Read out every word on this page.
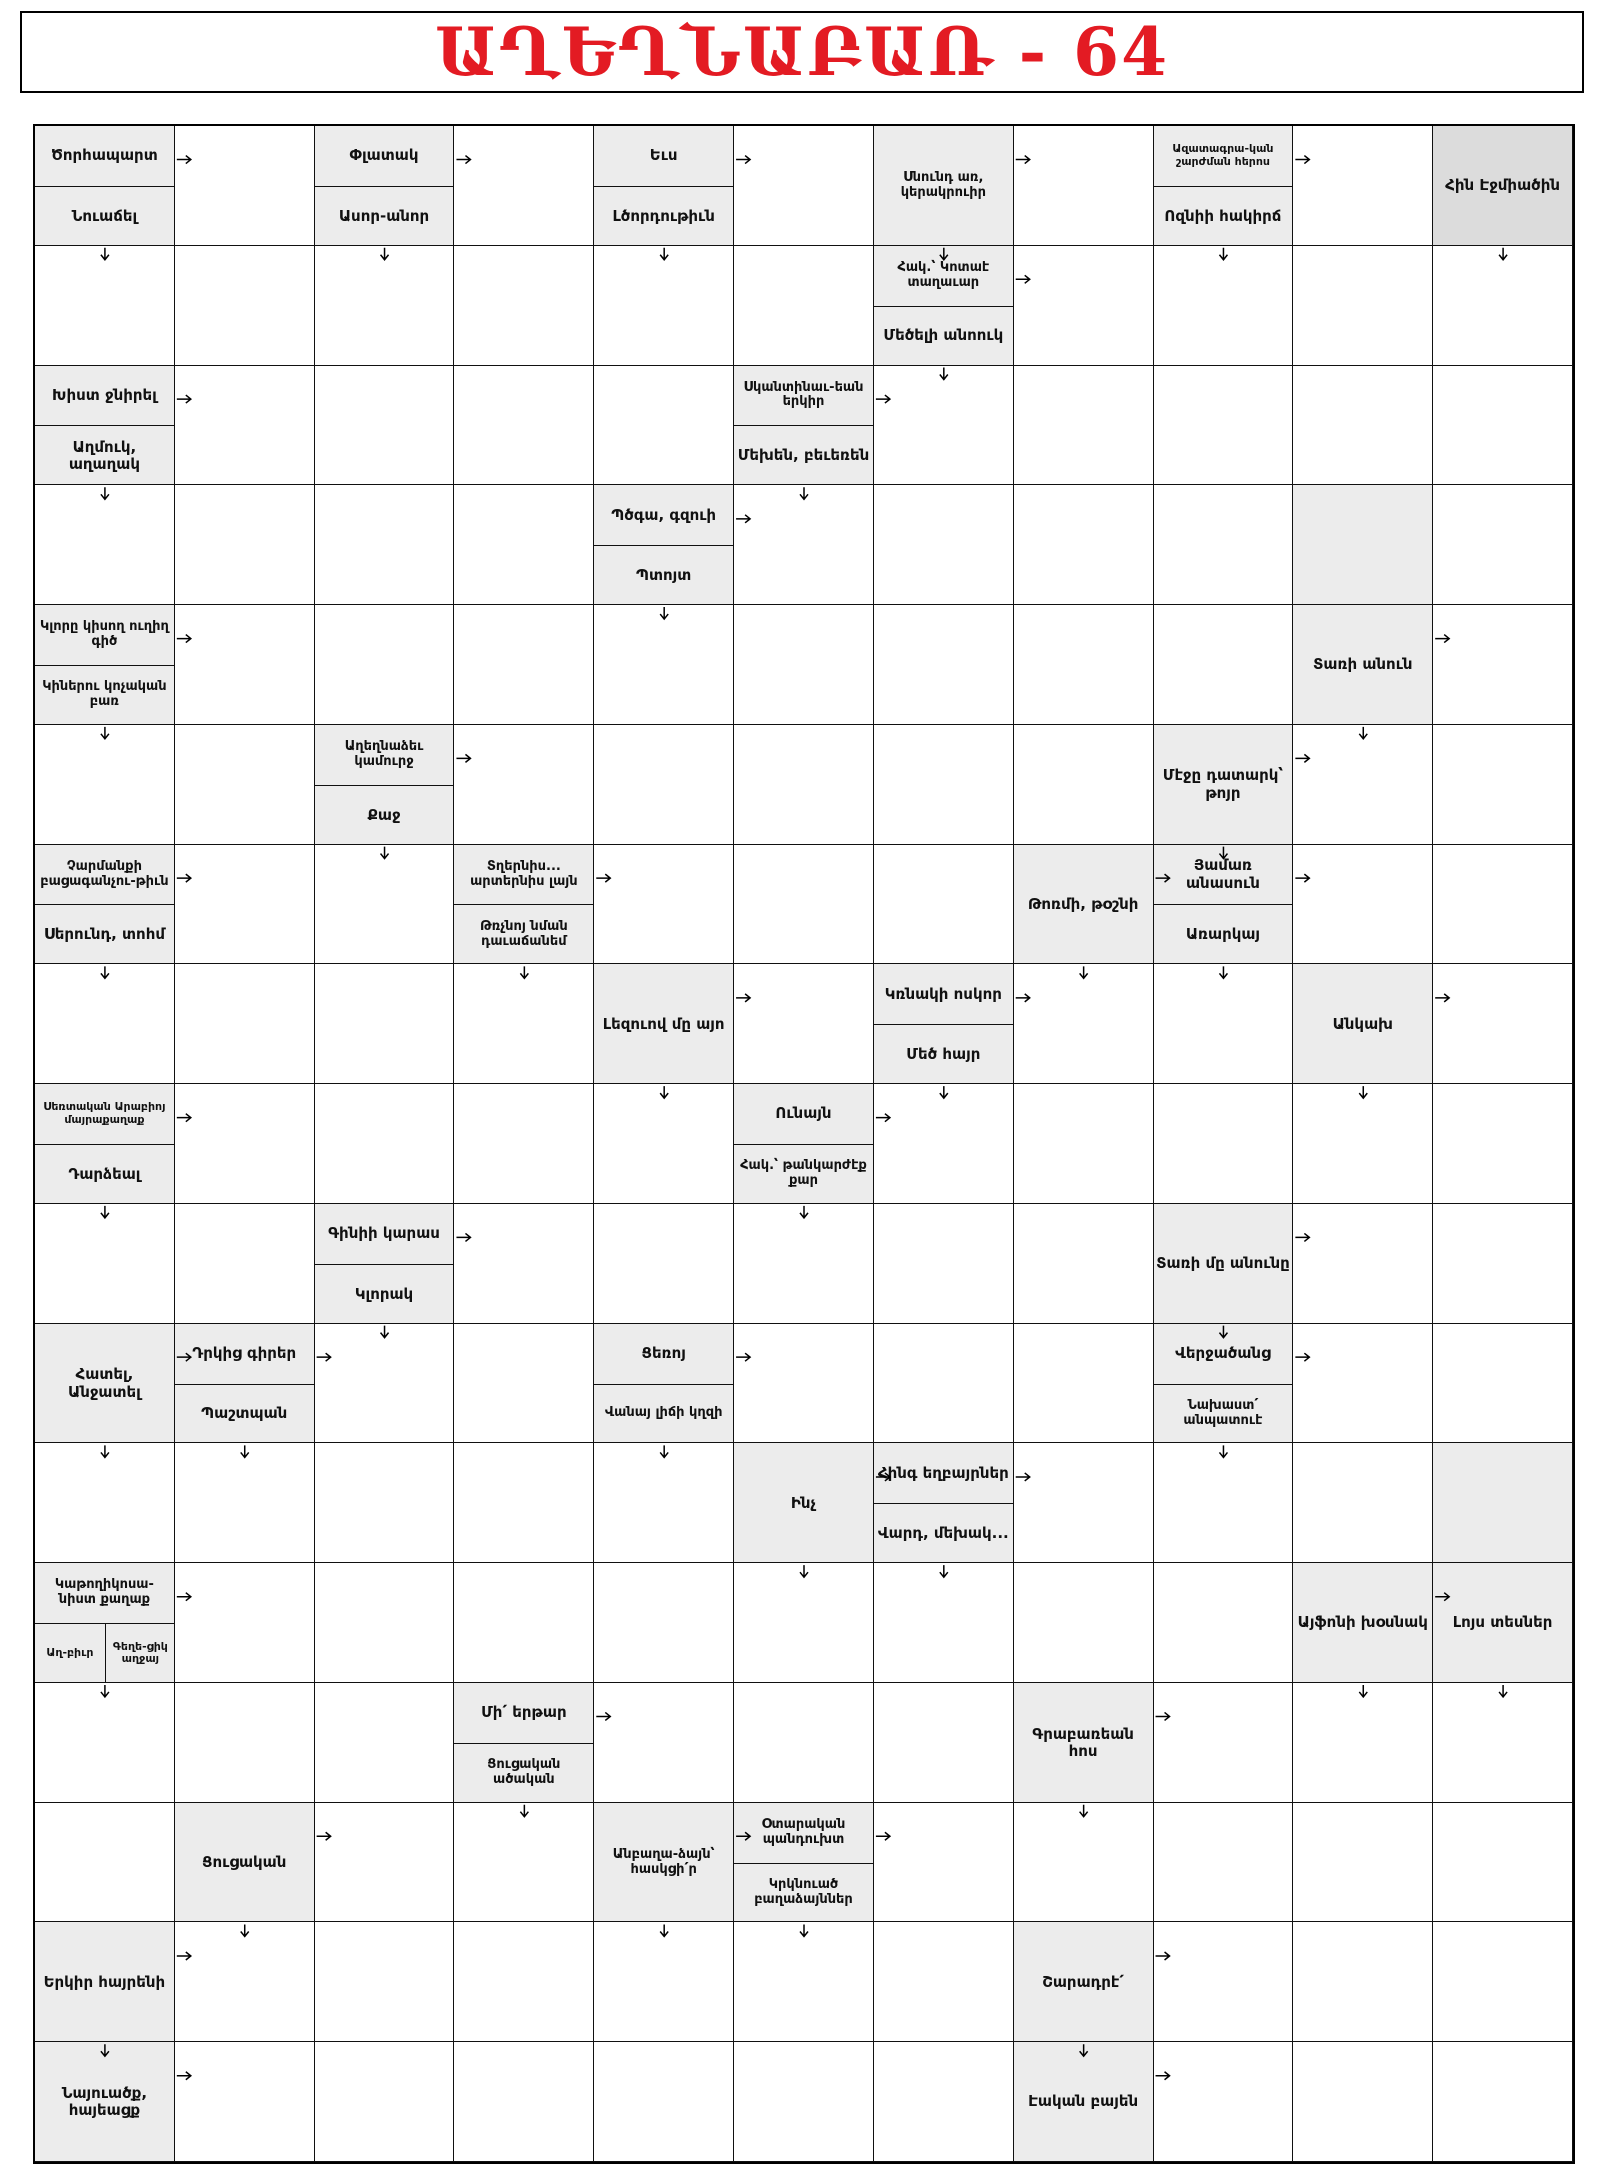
ԱՂԵՂՆԱԲԱՌ - 64
Ծորհապարտ
Նուաճել
Փլատակ
Ասոր-անոր
Եւս
Լծորդութիւն
Սնունդ առ, կերակրուիր
Ազատագրա-կան շարժման հերոս
Ոզնիի հակիրճ
Հին Էջմիածին
Հակ.՝ Կոտաէ տաղաւար
Մեծելի անոուկ
Խիստ ջնիրել
Աղմուկ, աղաղակ
Սկանտինաւ-եան երկիր
Մեխեն, բեւեռեն
Պծգա, գզուի
Պտոյտ
Կլորը կիսող ուղիղ գիծ
Կիներու կոչական բառ
Տառի անուն
Աղեղնաձեւ կամուրջ
Քաջ
Մէջը դատարկ՝ թոյր
Չարմանքի բացագանչու-թիւն
Սերունդ, տոհմ
Տղերնիս... արտերնիս լայն
Թռչնոյ նման դաւաճանեմ
Թոռմի, թօշնի
Յամառ անասուն
Առարկայ
Լեզուով մը այո
Կռնակի ոսկոր
Մեծ հայր
Անկախ
Սեռտական Արաբիոյ մայրաքաղաք
Դարձեալ
Ունայն
Հակ.՝ թանկարժէք քար
Գինիի կարաս
Կլորակ
Տառի մը անունը
Հատել, Անջատել
Դրկից գիրեր
Պաշտպան
Ցեռոյ
Վանայ լիճի կղզի
Վերջածանց
Նախաստ՛ անպատուէ
Ինչ
Հինգ եղբայրներ
Վարդ, մեխակ...
Կաթողիկոսա-նիստ քաղաք
Աղ-բիւր	Գեղե-ցիկ աղջայ
Այֆոնի խօսնակ	Լոյս տեսներ
Մի՛ երթար
Ցուցական ածական
Գրաբառեան հոս
Ցուցական	Անբաղա-ձայն՝ հասկցի՛ր
Օտարական պանդուխտ
Կրկնուած բաղաձայններ
Երկիր հայրենի	Շարադրէ՛
Նայուածք, հայեացք	Էական բայեն
